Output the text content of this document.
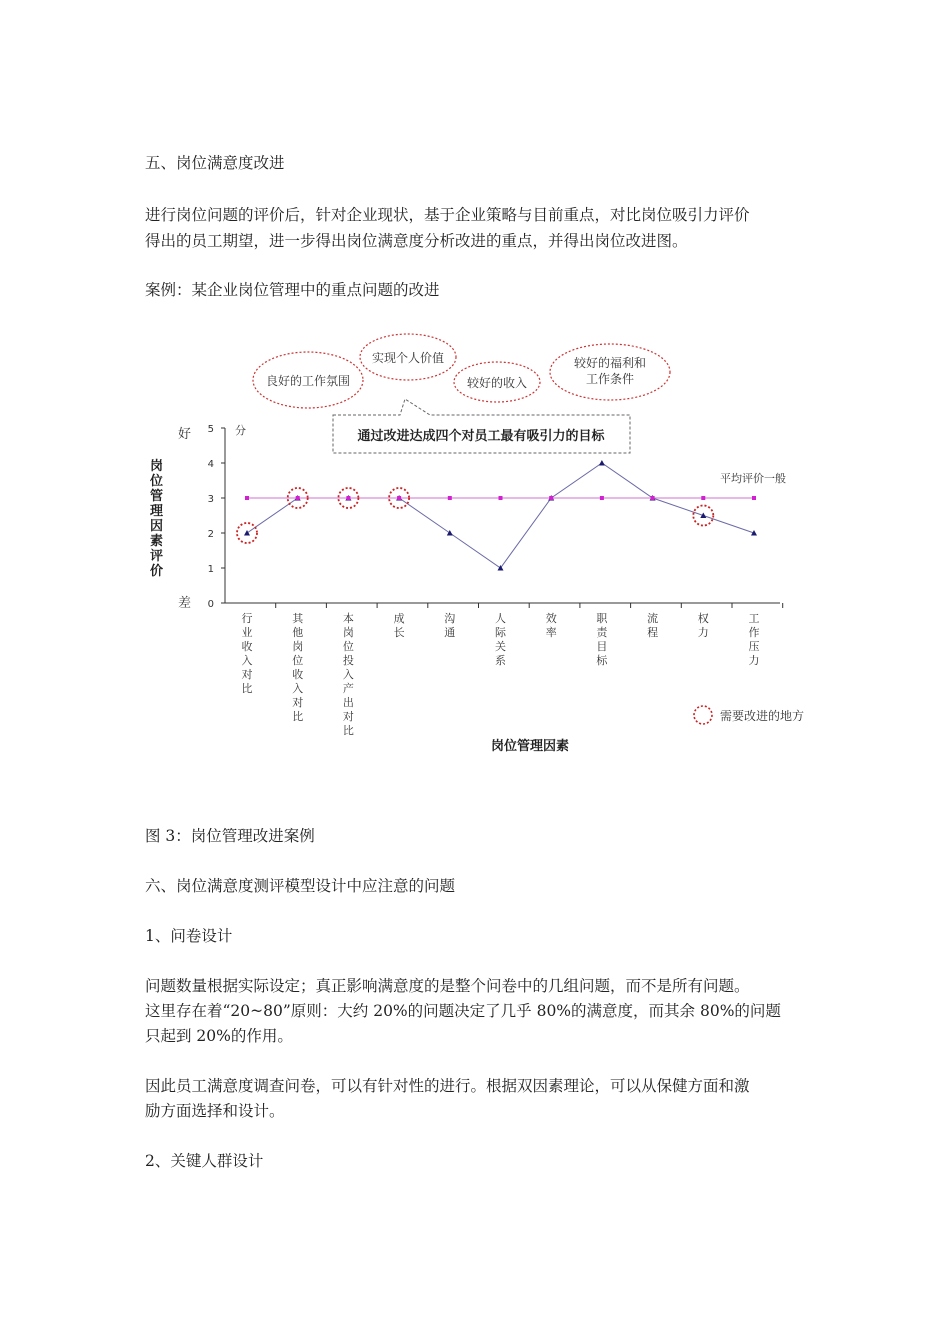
五、岗位满意度改进

进行岗位问题的评价后，针对企业现状，基于企业策略与目前重点，对比岗位吸引力评价

得出的员工期望，进一步得出岗位满意度分析改进的重点，并得出岗位改进图。

案例：某企业岗位管理中的重点问题的改进

良好的工作氛围
实现个人价值
较好的收入
较好的福利和
工作条件
通过改进达成四个对员工最有吸引力的目标
好
差
分
岗位管理因素评价
0
1
2
3
4
5
行业收入对比
其他岗位收入对比
本岗位投入产出对比
成长
沟通
人际关系
效率
职责目标
流程
权力
工作压力
平均评价一般
岗位管理因素
需要改进的地方

图 3：岗位管理改进案例

六、岗位满意度测评模型设计中应注意的问题

1、问卷设计

问题数量根据实际设定；真正影响满意度的是整个问卷中的几组问题，而不是所有问题。

这里存在着“20~80”原则：大约 20%的问题决定了几乎 80%的满意度，而其余 80%的问题

只起到 20%的作用。

因此员工满意度调查问卷，可以有针对性的进行。根据双因素理论，可以从保健方面和激

励方面选择和设计。

2、关键人群设计
